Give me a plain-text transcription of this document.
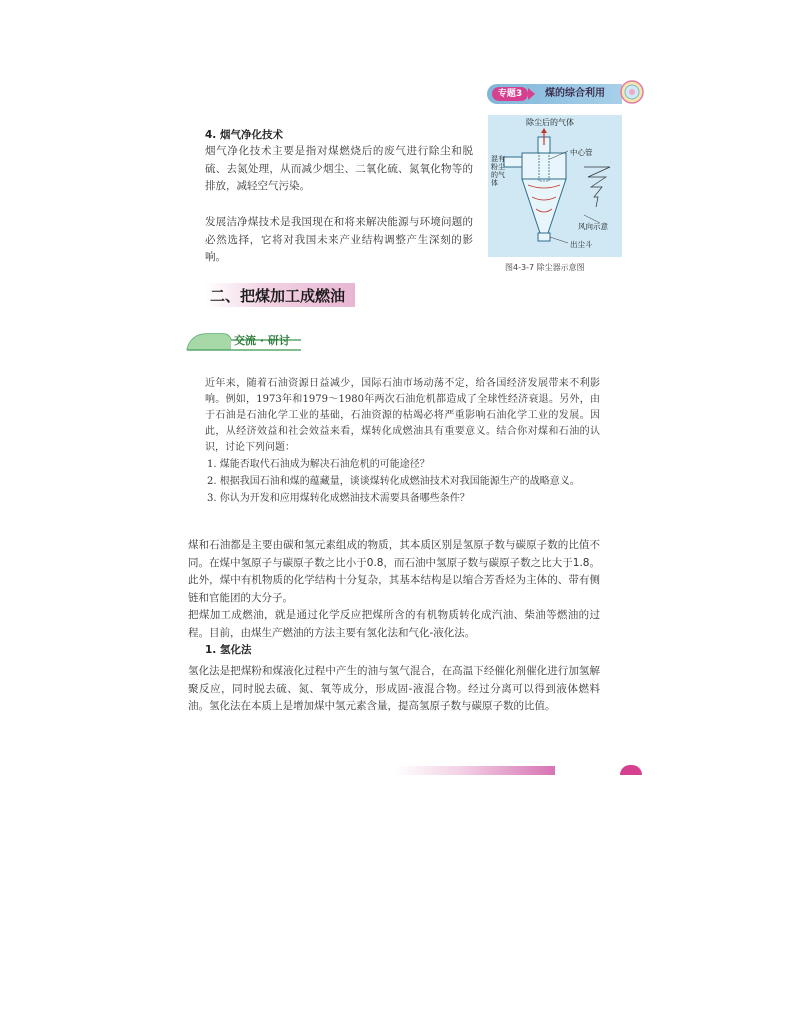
专题3	煤的综合利用
4. 烟气净化技术
烟气净化技术主要是指对煤燃烧后的废气进行除尘和脱硫、去氮处理，从而减少烟尘、二氧化硫、氮氧化物等的排放，减轻空气污染。
发展洁净煤技术是我国现在和将来解决能源与环境问题的必然选择，它将对我国未来产业结构调整产生深刻的影响。
除尘后的气体
混有粉尘的气体
中心管
风向示意
出尘斗
图4-3-7 除尘器示意图
二、把煤加工成燃油
交流 · 研讨
近年来，随着石油资源日益减少，国际石油市场动荡不定，给各国经济发展带来不利影响。例如，1973年和1979～1980年两次石油危机都造成了全球性经济衰退。另外，由于石油是石油化学工业的基础，石油资源的枯竭必将严重影响石油化学工业的发展。因此，从经济效益和社会效益来看，煤转化成燃油具有重要意义。结合你对煤和石油的认识，讨论下列问题：
1. 煤能否取代石油成为解决石油危机的可能途径？
2. 根据我国石油和煤的蕴藏量，谈谈煤转化成燃油技术对我国能源生产的战略意义。
3. 你认为开发和应用煤转化成燃油技术需要具备哪些条件？
煤和石油都是主要由碳和氢元素组成的物质，其本质区别是氢原子数与碳原子数的比值不同。在煤中氢原子与碳原子数之比小于0.8，而石油中氢原子数与碳原子数之比大于1.8。此外，煤中有机物质的化学结构十分复杂，其基本结构是以缩合芳香烃为主体的、带有侧链和官能团的大分子。
把煤加工成燃油，就是通过化学反应把煤所含的有机物质转化成汽油、柴油等燃油的过程。目前，由煤生产燃油的方法主要有氢化法和气化-液化法。
1. 氢化法
氢化法是把煤粉和煤液化过程中产生的油与氢气混合，在高温下经催化剂催化进行加氢解聚反应，同时脱去硫、氮、氧等成分，形成固-液混合物。经过分离可以得到液体燃料油。氢化法在本质上是增加煤中氢元素含量，提高氢原子数与碳原子数的比值。
